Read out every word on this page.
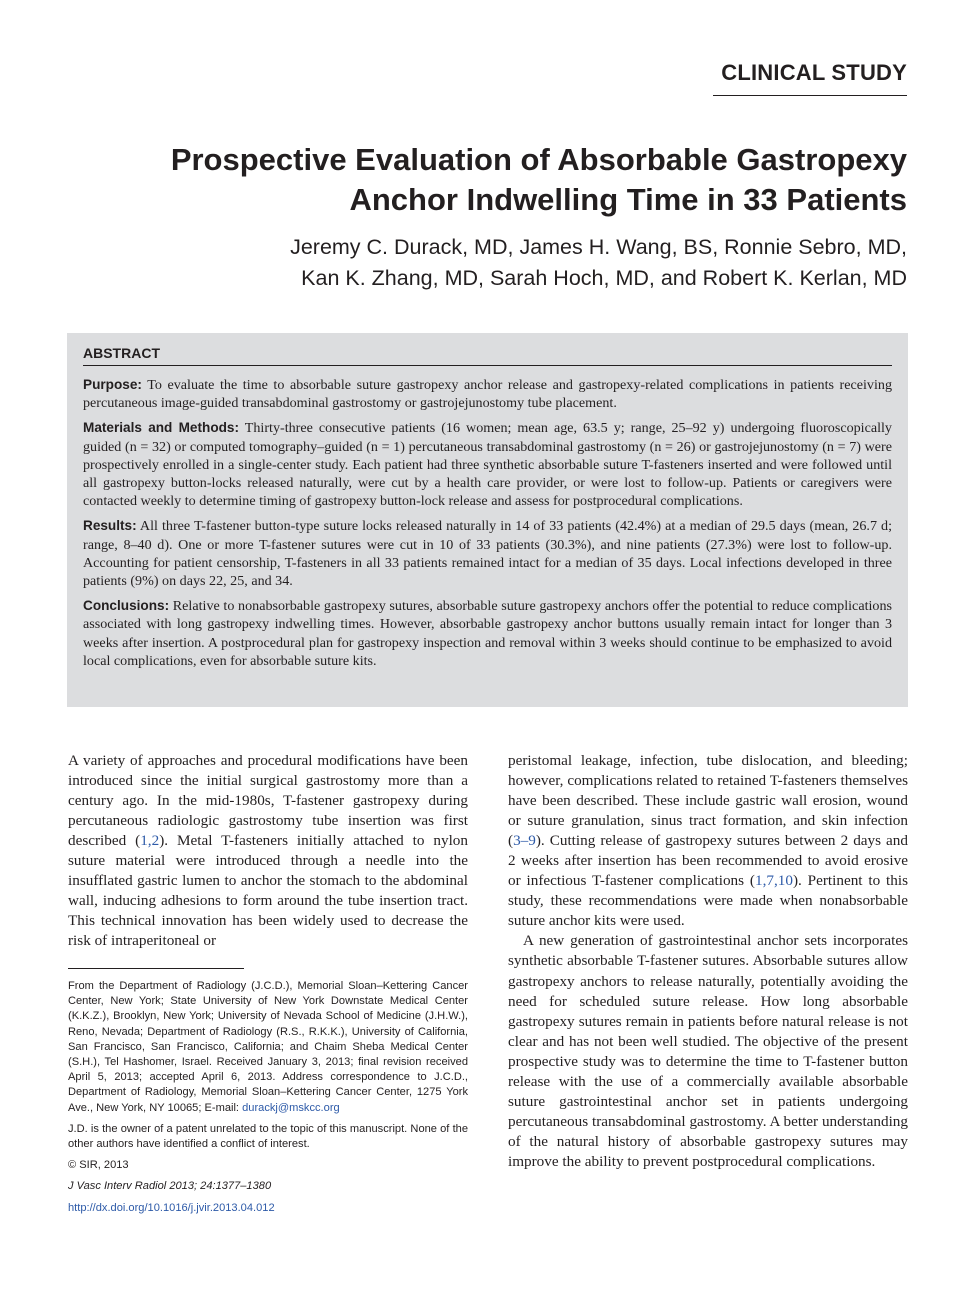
CLINICAL STUDY
Prospective Evaluation of Absorbable Gastropexy
Anchor Indwelling Time in 33 Patients
Jeremy C. Durack, MD, James H. Wang, BS, Ronnie Sebro, MD,
Kan K. Zhang, MD, Sarah Hoch, MD, and Robert K. Kerlan, MD
ABSTRACT

Purpose: To evaluate the time to absorbable suture gastropexy anchor release and gastropexy-related complications in patients receiving percutaneous image-guided transabdominal gastrostomy or gastrojejunostomy tube placement.

Materials and Methods: Thirty-three consecutive patients (16 women; mean age, 63.5 y; range, 25–92 y) undergoing fluoroscopically guided (n = 32) or computed tomography–guided (n = 1) percutaneous transabdominal gastrostomy (n = 26) or gastrojejunostomy (n = 7) were prospectively enrolled in a single-center study. Each patient had three synthetic absorbable suture T-fasteners inserted and were followed until all gastropexy button-locks released naturally, were cut by a health care provider, or were lost to follow-up. Patients or caregivers were contacted weekly to determine timing of gastropexy button-lock release and assess for postprocedural complications.

Results: All three T-fastener button-type suture locks released naturally in 14 of 33 patients (42.4%) at a median of 29.5 days (mean, 26.7 d; range, 8–40 d). One or more T-fastener sutures were cut in 10 of 33 patients (30.3%), and nine patients (27.3%) were lost to follow-up. Accounting for patient censorship, T-fasteners in all 33 patients remained intact for a median of 35 days. Local infections developed in three patients (9%) on days 22, 25, and 34.

Conclusions: Relative to nonabsorbable gastropexy sutures, absorbable suture gastropexy anchors offer the potential to reduce complications associated with long gastropexy indwelling times. However, absorbable gastropexy anchor buttons usually remain intact for longer than 3 weeks after insertion. A postprocedural plan for gastropexy inspection and removal within 3 weeks should continue to be emphasized to avoid local complications, even for absorbable suture kits.

A variety of approaches and procedural modifications have been introduced since the initial surgical gastrostomy more than a century ago. In the mid-1980s, T-fastener gastropexy during percutaneous radiologic gastrostomy tube insertion was first described (1,2). Metal T-fasteners initially attached to nylon suture material were introduced through a needle into the insufflated gastric lumen to anchor the stomach to the abdominal wall, inducing adhesions to form around the tube insertion tract. This technical innovation has been widely used to decrease the risk of intraperitoneal or

From the Department of Radiology (J.C.D.), Memorial Sloan–Kettering Cancer Center, New York; State University of New York Downstate Medical Center (K.K.Z.), Brooklyn, New York; University of Nevada School of Medicine (J.H.W.), Reno, Nevada; Department of Radiology (R.S., R.K.K.), University of California, San Francisco, San Francisco, California; and Chaim Sheba Medical Center (S.H.), Tel Hashomer, Israel. Received January 3, 2013; final revision received April 5, 2013; accepted April 6, 2013. Address correspondence to J.C.D., Department of Radiology, Memorial Sloan–Kettering Cancer Center, 1275 York Ave., New York, NY 10065; E-mail: durackj@mskcc.org

J.D. is the owner of a patent unrelated to the topic of this manuscript. None of the other authors have identified a conflict of interest.

© SIR, 2013

J Vasc Interv Radiol 2013; 24:1377–1380

http://dx.doi.org/10.1016/j.jvir.2013.04.012

peristomal leakage, infection, tube dislocation, and bleeding; however, complications related to retained T-fasteners themselves have been described. These include gastric wall erosion, wound or suture granulation, sinus tract formation, and skin infection (3–9). Cutting release of gastropexy sutures between 2 days and 2 weeks after insertion has been recommended to avoid erosive or infectious T-fastener complications (1,7,10). Pertinent to this study, these recommendations were made when nonabsorbable suture anchor kits were used.

A new generation of gastrointestinal anchor sets incorporates synthetic absorbable T-fastener sutures. Absorbable sutures allow gastropexy anchors to release naturally, potentially avoiding the need for scheduled suture release. How long absorbable gastropexy sutures remain in patients before natural release is not clear and has not been well studied. The objective of the present prospective study was to determine the time to T-fastener button release with the use of a commercially available absorbable suture gastrointestinal anchor set in patients undergoing percutaneous transabdominal gastrostomy. A better understanding of the natural history of absorbable gastropexy sutures may improve the ability to prevent postprocedural complications.
